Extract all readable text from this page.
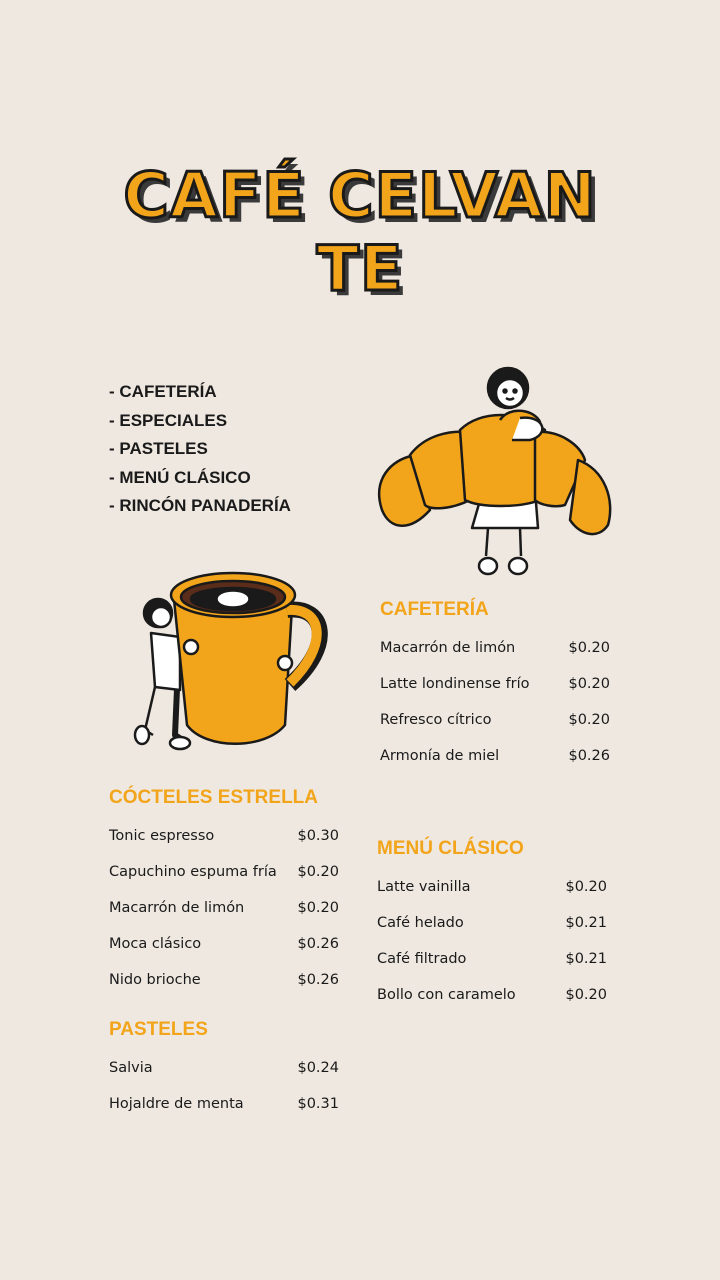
CAFÉ CELVAN
TE
- CAFETERÍA
- ESPECIALES
- PASTELES
- MENÚ CLÁSICO
- RINCÓN PANADERÍA
CAFETERÍA
Macarrón de limón	$0.20
Latte londinense frío	$0.20
Refresco cítrico	$0.20
Armonía de miel	$0.26
CÓCTELES ESTRELLA
Tonic espresso	$0.30
Capuchino espuma fría $0.20
Macarrón de limón	$0.20
Moca clásico	$0.26
Nido brioche	$0.26
MENÚ CLÁSICO
Latte vainilla	$0.20
Café helado	$0.21
Café filtrado	$0.21
Bollo con caramelo	$0.20
PASTELES
Salvia	$0.24
Hojaldre de menta	$0.31
